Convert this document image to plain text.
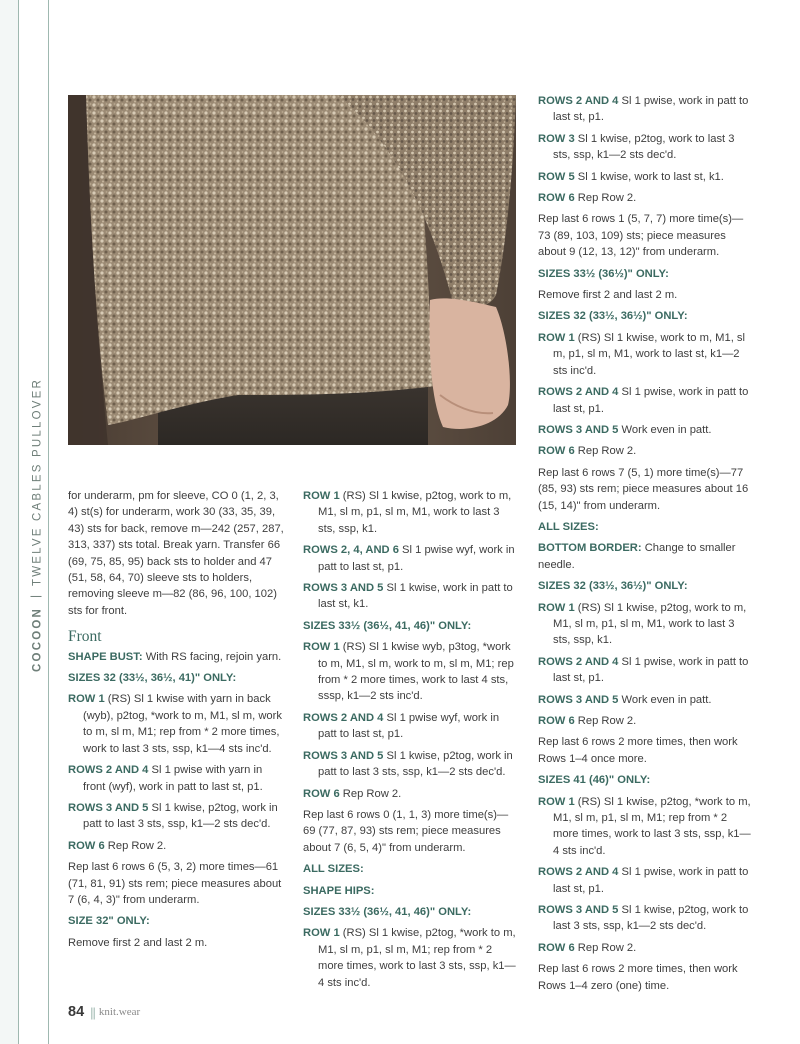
COCOONTWELVE CABLES PULLOVER for underarm, pm for sleeve, CO 0 (1, 2, 3, 4) st(s) for underarm, work 30 (33, 35, 39, 43) sts for back, remove m—242 (257, 287, 313, 337) sts total. Break yarn. Transfer 66 (69, 75, 85, 95) back sts to holder and 47 (51, 58, 64, 70) sleeve sts to holders, removing sleeve m—82 (86, 96, 100, 102) sts for front.

Front

SHAPE BUST: With RS facing, rejoin yarn.

SIZES 32 (33½, 36½, 41)" ONLY:

ROW 1 (RS) Sl 1 kwise with yarn in back (wyb), p2tog, *work to m, M1, sl m, work to m, sl m, M1; rep from * 2 more times, work to last 3 sts, ssp, k1—4 sts inc'd.

ROWS 2 AND 4 Sl 1 pwise with yarn in front (wyf), work in patt to last st, p1.

ROWS 3 AND 5 Sl 1 kwise, p2tog, work in patt to last 3 sts, ssp, k1—2 sts dec'd.

ROW 6 Rep Row 2.

Rep last 6 rows 6 (5, 3, 2) more times—61 (71, 81, 91) sts rem; piece measures about 7 (6, 4, 3)" from underarm.

SIZE 32" ONLY:

Remove first 2 and last 2 m.

ROW 1 (RS) Sl 1 kwise, p2tog, work to m, M1, sl m, p1, sl m, M1, work to last 3 sts, ssp, k1.

ROWS 2, 4, AND 6 Sl 1 pwise wyf, work in patt to last st, p1.

ROWS 3 AND 5 Sl 1 kwise, work in patt to last st, k1.

SIZES 33½ (36½, 41, 46)" ONLY:

ROW 1 (RS) Sl 1 kwise wyb, p3tog, *work to m, M1, sl m, work to m, sl m, M1; rep from * 2 more times, work to last 4 sts, sssp, k1—2 sts inc'd.

ROWS 2 AND 4 Sl 1 pwise wyf, work in patt to last st, p1.

ROWS 3 AND 5 Sl 1 kwise, p2tog, work in patt to last 3 sts, ssp, k1—2 sts dec'd.

ROW 6 Rep Row 2.

Rep last 6 rows 0 (1, 1, 3) more time(s)—69 (77, 87, 93) sts rem; piece measures about 7 (6, 5, 4)" from underarm.

ALL SIZES:

SHAPE HIPS:

SIZES 33½ (36½, 41, 46)" ONLY:

ROW 1 (RS) Sl 1 kwise, p2tog, *work to m, M1, sl m, p1, sl m, M1; rep from * 2 more times, work to last 3 sts, ssp, k1—4 sts inc'd.

ROWS 2 AND 4 Sl 1 pwise, work in patt to last st, p1.

ROW 3 Sl 1 kwise, p2tog, work to last 3 sts, ssp, k1—2 sts dec'd.

ROW 5 Sl 1 kwise, work to last st, k1.

ROW 6 Rep Row 2.

Rep last 6 rows 1 (5, 7, 7) more time(s)—73 (89, 103, 109) sts; piece measures about 9 (12, 13, 12)" from underarm.

SIZES 33½ (36½)" ONLY:

Remove first 2 and last 2 m.

SIZES 32 (33½, 36½)" ONLY:

ROW 1 (RS) Sl 1 kwise, work to m, M1, sl m, p1, sl m, M1, work to last st, k1—2 sts inc'd.

ROWS 2 AND 4 Sl 1 pwise, work in patt to last st, p1.

ROWS 3 AND 5 Work even in patt.

ROW 6 Rep Row 2.

Rep last 6 rows 7 (5, 1) more time(s)—77 (85, 93) sts rem; piece measures about 16 (15, 14)" from underarm.

ALL SIZES:

BOTTOM BORDER: Change to smaller needle.

SIZES 32 (33½, 36½)" ONLY:

ROW 1 (RS) Sl 1 kwise, p2tog, work to m, M1, sl m, p1, sl m, M1, work to last 3 sts, ssp, k1.

ROWS 2 AND 4 Sl 1 pwise, work in patt to last st, p1.

ROWS 3 AND 5 Work even in patt.

ROW 6 Rep Row 2.

Rep last 6 rows 2 more times, then work Rows 1–4 once more.

SIZES 41 (46)" ONLY:

ROW 1 (RS) Sl 1 kwise, p2tog, *work to m, M1, sl m, p1, sl m, M1; rep from * 2 more times, work to last 3 sts, ssp, k1—4 sts inc'd.

ROWS 2 AND 4 Sl 1 pwise, work in patt to last st, p1.

ROWS 3 AND 5 Sl 1 kwise, p2tog, work to last 3 sts, ssp, k1—2 sts dec'd.

ROW 6 Rep Row 2.

Rep last 6 rows 2 more times, then work Rows 1–4 zero (one) time.

84 || knit.wear
